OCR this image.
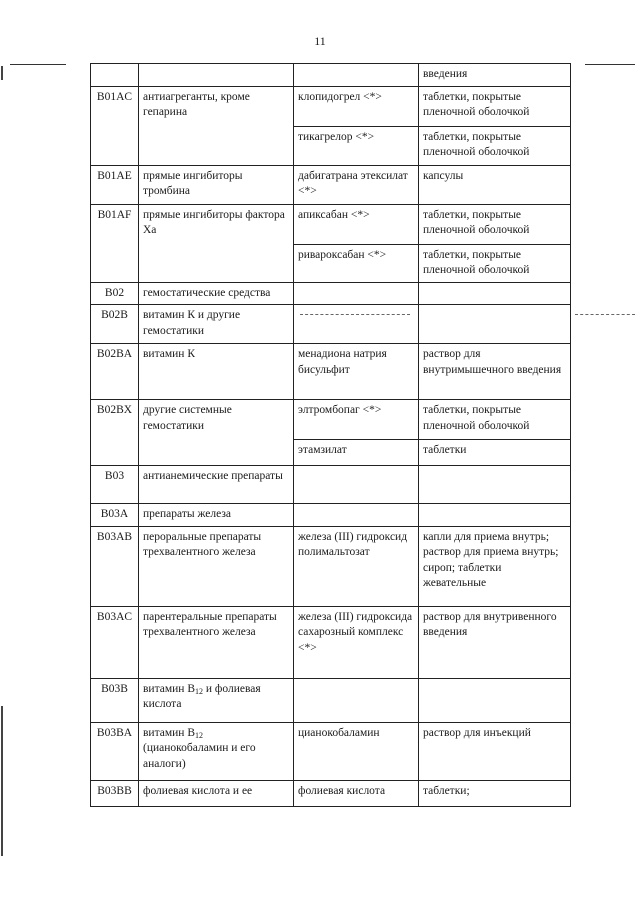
11
			введения
B01AC	антиагреганты, кроме гепарина	клопидогрел <*>	таблетки, покрытые пленочной оболочкой
		тикагрелор <*>	таблетки, покрытые пленочной оболочкой
B01AE	прямые ингибиторы тромбина	дабигатрана этексилат <*>	капсулы
B01AF	прямые ингибиторы фактора Ха	апиксабан <*>	таблетки, покрытые пленочной оболочкой
		ривароксабан <*>	таблетки, покрытые пленочной оболочкой
B02	гемостатические средства		
B02B	витамин К и другие гемостатики		
B02BA	витамин К	менадиона натрия бисульфит	раствор для внутримышечного введения
B02BX	другие системные гемостатики	элтромбопаг <*>	таблетки, покрытые пленочной оболочкой
		этамзилат	таблетки
B03	антианемические препараты		
B03A	препараты железа		
B03AB	пероральные препараты трехвалентного железа	железа (III) гидроксид полимальтозат	капли для приема внутрь; раствор для приема внутрь; сироп; таблетки жевательные
B03AC	парентеральные препараты трехвалентного железа	железа (III) гидроксида сахарозный комплекс <*>	раствор для внутривенного введения
B03B	витамин $B_{12}$ и фолиевая кислота		
B03BA	витамин $B_{12}$ (цианокобаламин и его аналоги)	цианокобаламин	раствор для инъекций
B03BB	фолиевая кислота и ее	фолиевая кислота	таблетки;
